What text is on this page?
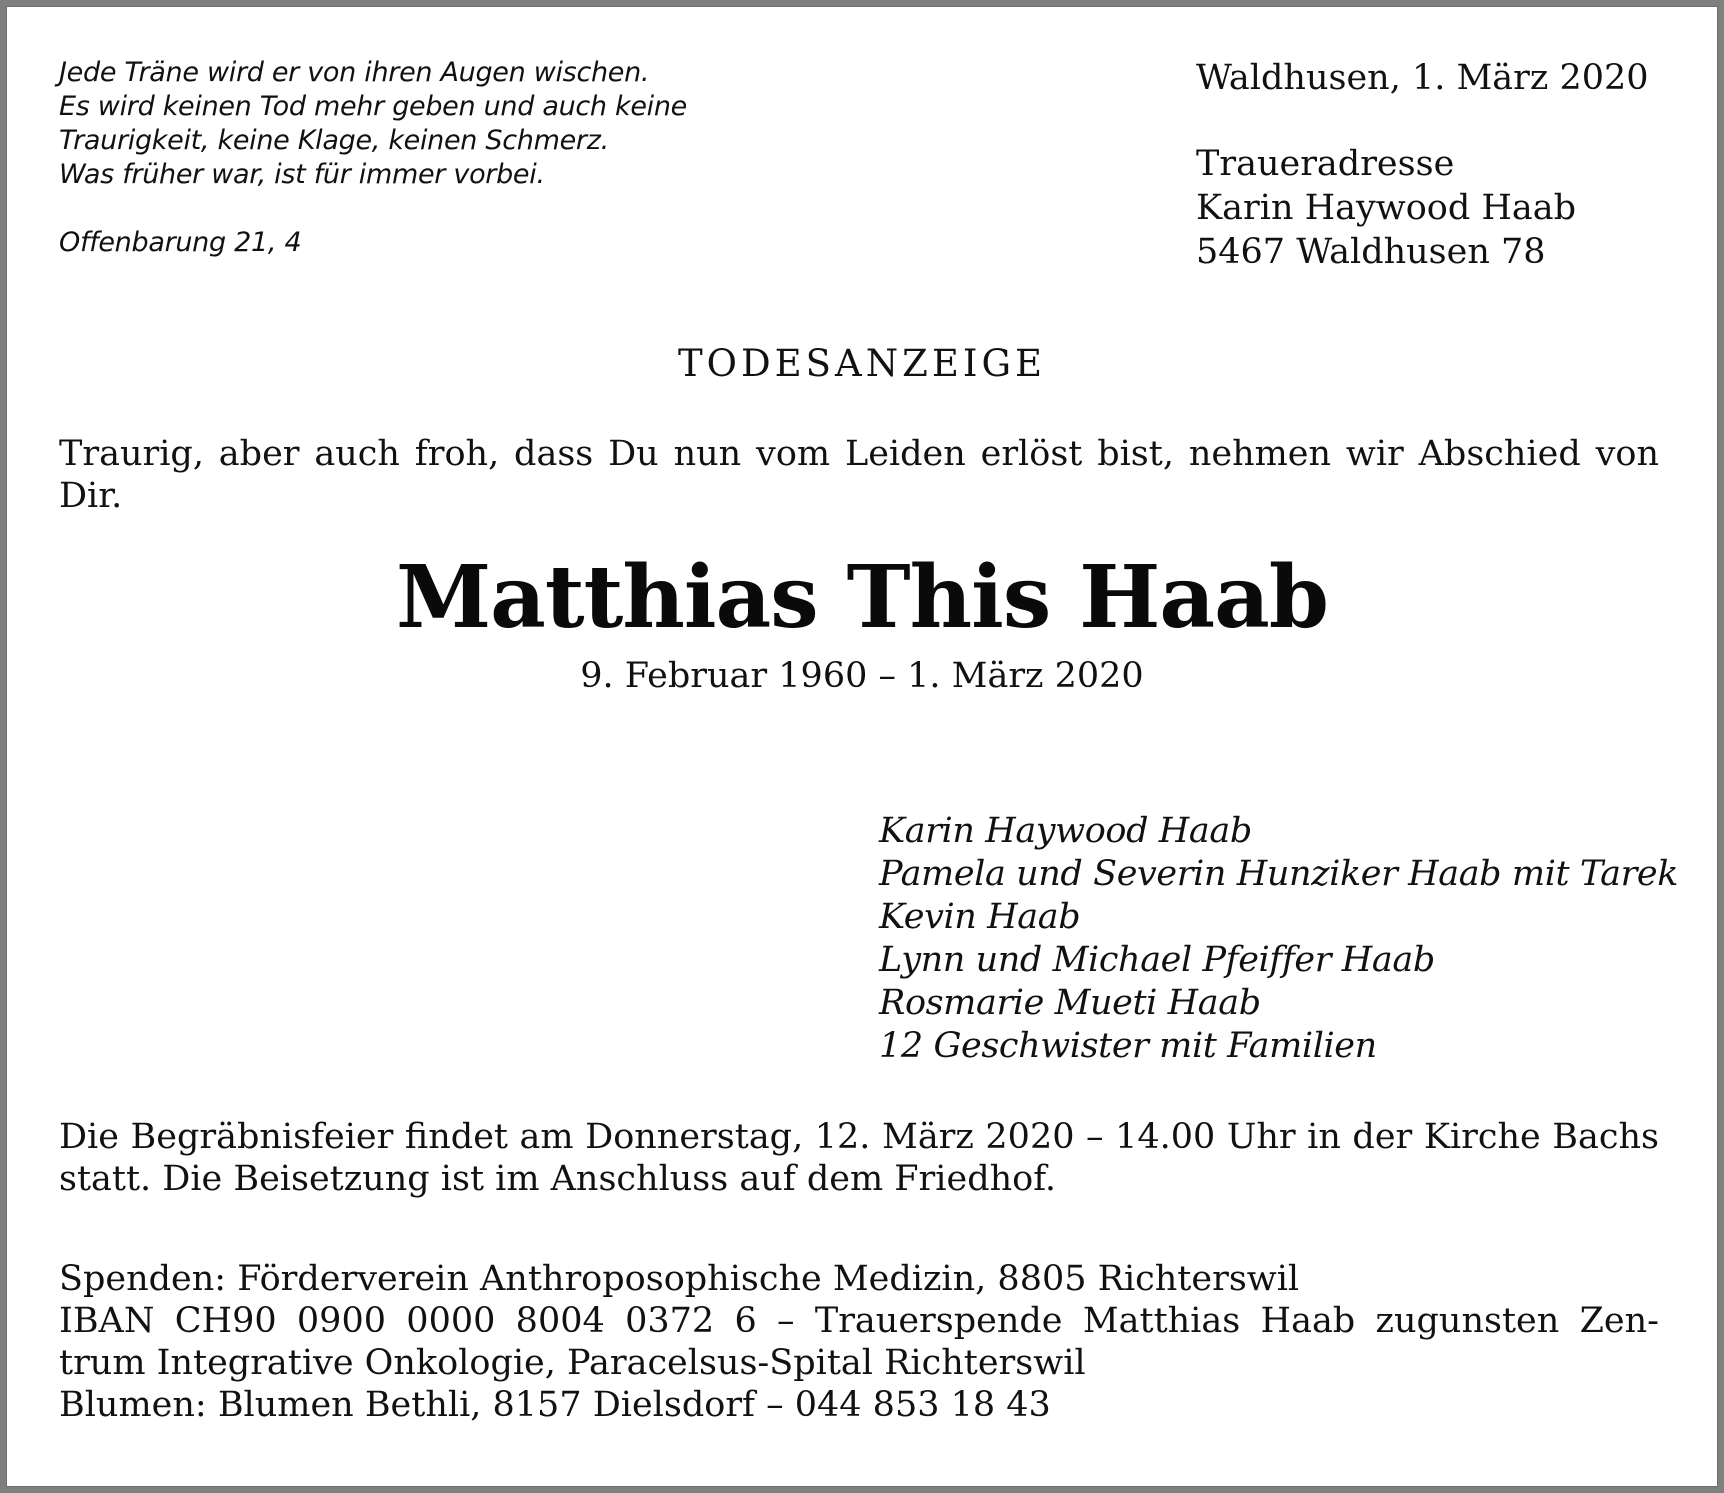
Jede Träne wird er von ihren Augen wischen.
Es wird keinen Tod mehr geben und auch keine
Traurigkeit, keine Klage, keinen Schmerz.
Was früher war, ist für immer vorbei.
Offenbarung 21, 4
Waldhusen, 1. März 2020
Traueradresse
Karin Haywood Haab
5467 Waldhusen 78
TODESANZEIGE
Traurig, aber auch froh, dass Du nun vom Leiden erlöst bist, nehmen wir Abschied von Dir.
Matthias This Haab
9. Februar 1960 – 1. März 2020
Karin Haywood Haab
Pamela und Severin Hunziker Haab mit Tarek
Kevin Haab
Lynn und Michael Pfeiffer Haab
Rosmarie Mueti Haab
12 Geschwister mit Familien
Die Begräbnisfeier findet am Donnerstag, 12. März 2020 – 14.00 Uhr in der Kirche Bachs statt. Die Beisetzung ist im Anschluss auf dem Friedhof.
Spenden: Förderverein Anthroposophische Medizin, 8805 Richterswil
IBAN CH90 0900 0000 8004 0372 6 – Trauerspende Matthias Haab zugunsten Zen-
trum Integrative Onkologie, Paracelsus-Spital Richterswil
Blumen: Blumen Bethli, 8157 Dielsdorf – 044 853 18 43
